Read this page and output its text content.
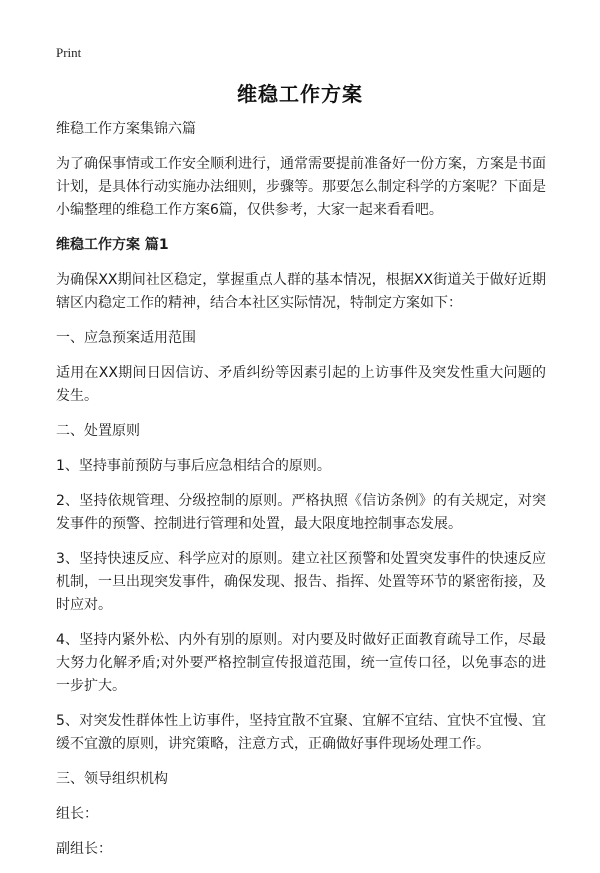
Print
维稳工作方案

维稳工作方案集锦六篇

为了确保事情或工作安全顺利进行，通常需要提前准备好一份方案，方案是书面计划，是具体行动实施办法细则，步骤等。那要怎么制定科学的方案呢？下面是小编整理的维稳工作方案6篇，仅供参考，大家一起来看看吧。

维稳工作方案 篇1

为确保XX期间社区稳定，掌握重点人群的基本情况，根据XX街道关于做好近期辖区内稳定工作的精神，结合本社区实际情况，特制定方案如下：

一、应急预案适用范围

适用在XX期间日因信访、矛盾纠纷等因素引起的上访事件及突发性重大问题的发生。

二、处置原则

1、坚持事前预防与事后应急相结合的原则。

2、坚持依规管理、分级控制的原则。严格执照《信访条例》的有关规定，对突发事件的预警、控制进行管理和处置，最大限度地控制事态发展。

3、坚持快速反应、科学应对的原则。建立社区预警和处置突发事件的快速反应机制，一旦出现突发事件，确保发现、报告、指挥、处置等环节的紧密衔接，及时应对。

4、坚持内紧外松、内外有别的原则。对内要及时做好正面教育疏导工作，尽最大努力化解矛盾;对外要严格控制宣传报道范围，统一宣传口径，以免事态的进一步扩大。

5、对突发性群体性上访事件，坚持宜散不宜聚、宜解不宜结、宜快不宜慢、宜缓不宜激的原则，讲究策略，注意方式，正确做好事件现场处理工作。

三、领导组织机构

组长：

副组长：
